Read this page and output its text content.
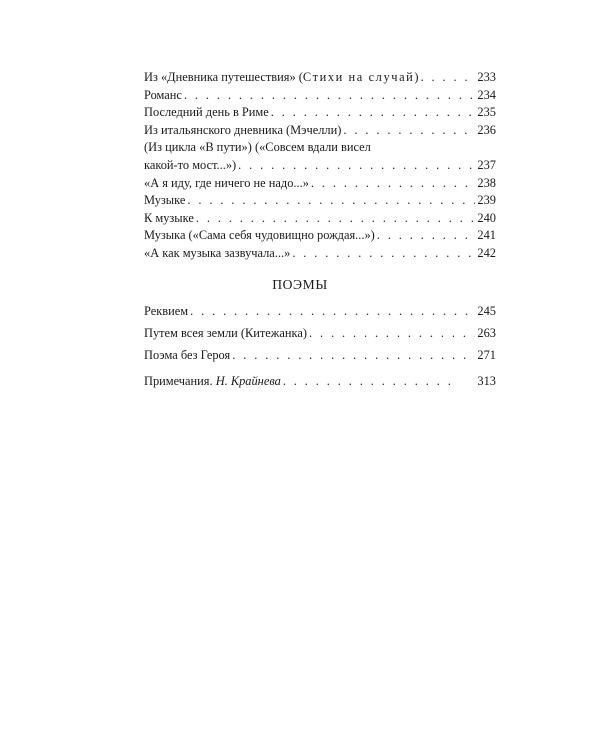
Из «Дневника путешествия» (Стихи на случай) . . .	233
Романс . . .	234
Последний день в Риме . . .	235
Из итальянского дневника (Мэчелли) . . .	236
(Из цикла «В пути») («Совсем вдали висел
какой-то мост...») . . .	237
«А я иду, где ничего не надо...» . . .	238
Музыке . . .	239
К музыке . . .	240
Музыка («Сама себя чудовищно рождая...») . . .	241
«А как музыка зазвучала...» . . .	242
ПОЭМЫ
Реквием . . .	245
Путем всея земли (Китежанка) . . .	263
Поэма без Героя . . .	271
Примечания. Н. Крайнева . . .	313
